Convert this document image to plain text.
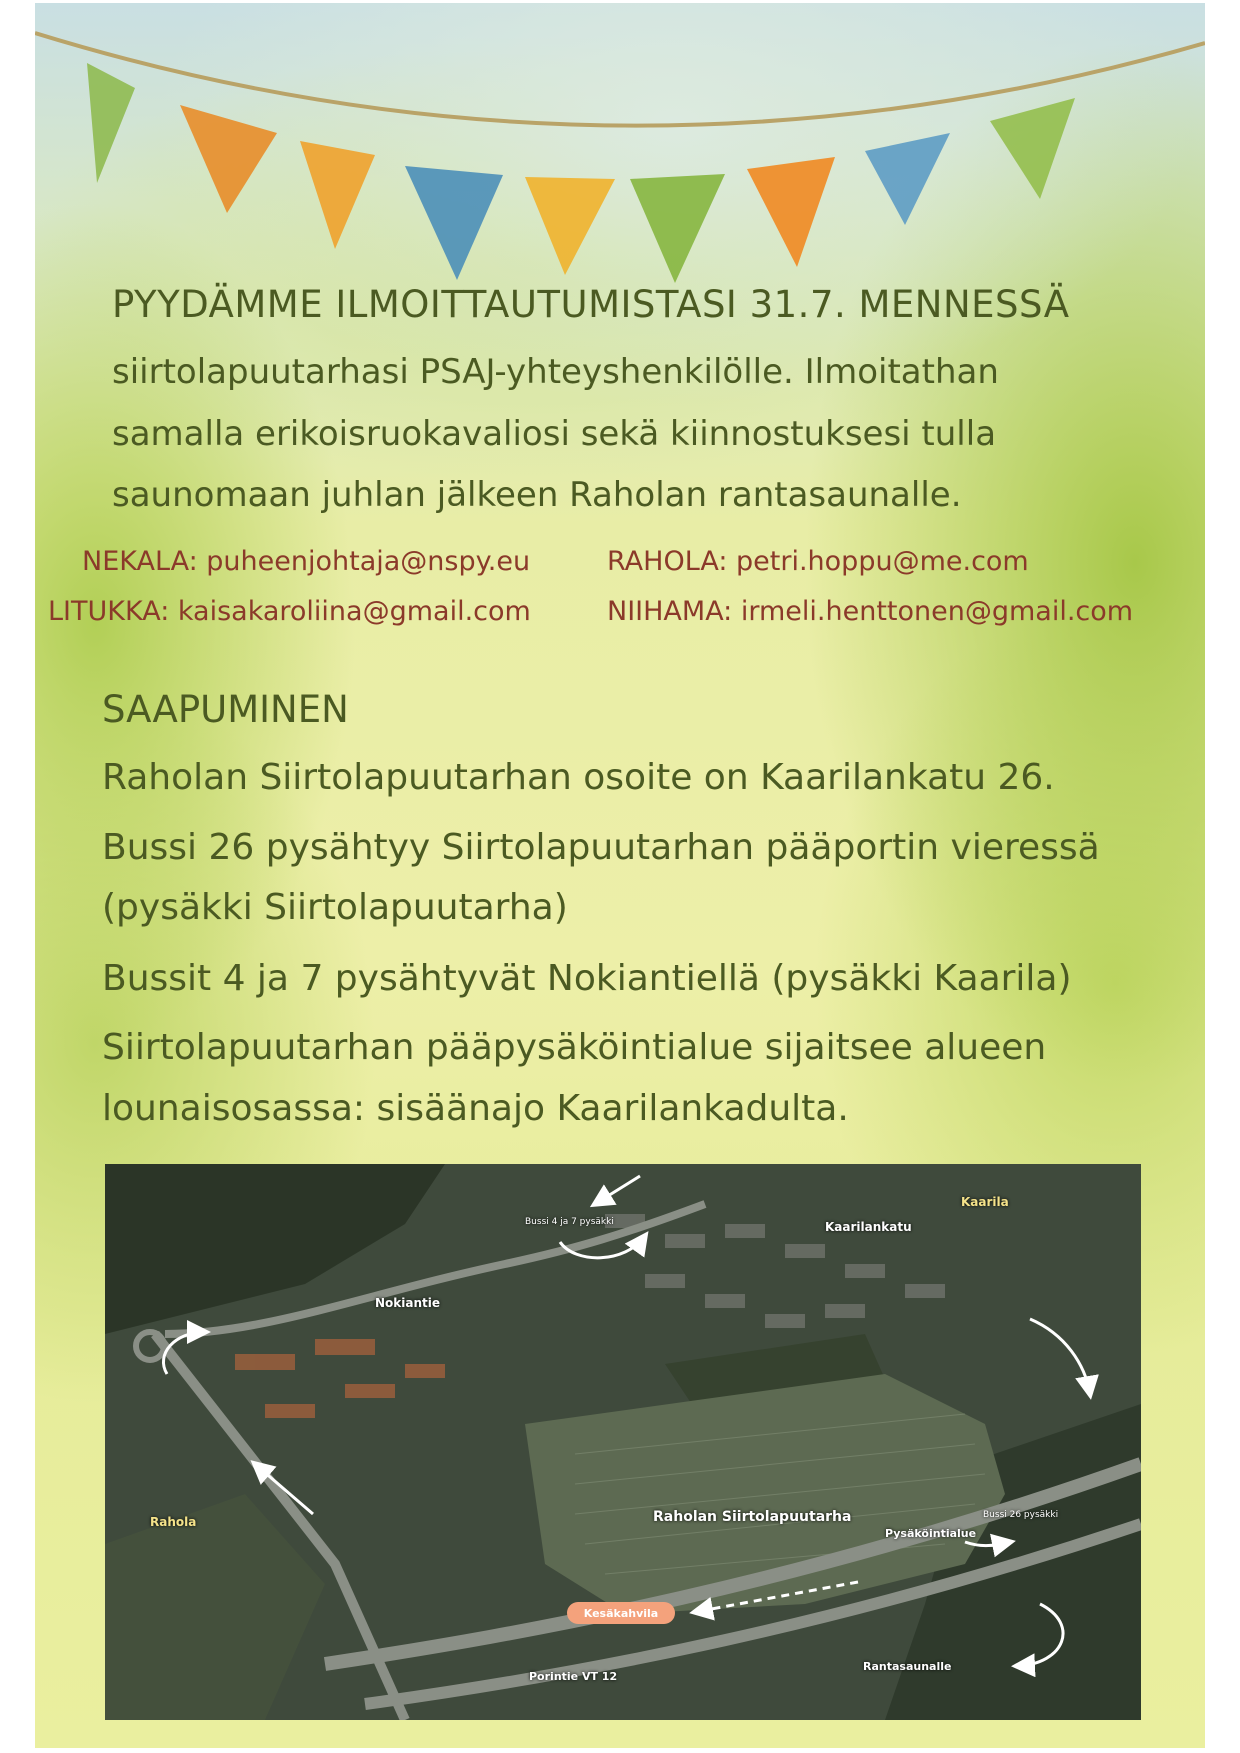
PYYDÄMME ILMOITTAUTUMISTASI 31.7. MENNESSÄ

siirtolapuutarhasi PSAJ-yhteyshenkilölle. Ilmoitathan

samalla erikoisruokavaliosi sekä kiinnostuksesi tulla

saunomaan juhlan jälkeen Raholan rantasaunalle.

NEKALA: puheenjohtaja@nspy.eu	RAHOLA: petri.hoppu@me.com

LITUKKA: kaisakaroliina@gmail.com	NIIHAMA: irmeli.henttonen@gmail.com

SAAPUMINEN

Raholan Siirtolapuutarhan osoite on Kaarilankatu 26.

Bussi 26 pysähtyy Siirtolapuutarhan pääportin vieressä

(pysäkki Siirtolapuutarha)

Bussit 4 ja 7 pysähtyvät Nokiantiellä (pysäkki Kaarila)

Siirtolapuutarhan pääpysäköintialue sijaitsee alueen

lounaisosassa: sisäänajo Kaarilankadulta.

Bussi 4 ja 7 pysäkki	Kaarilankatu

Kaarila

Nokiantie

Rahola	Raholan Siirtolapuutarha	Bussi 26 pysäkki

Pysäköintialue

Kesäkahvila

Porintie VT 12

Rantasaunalle
